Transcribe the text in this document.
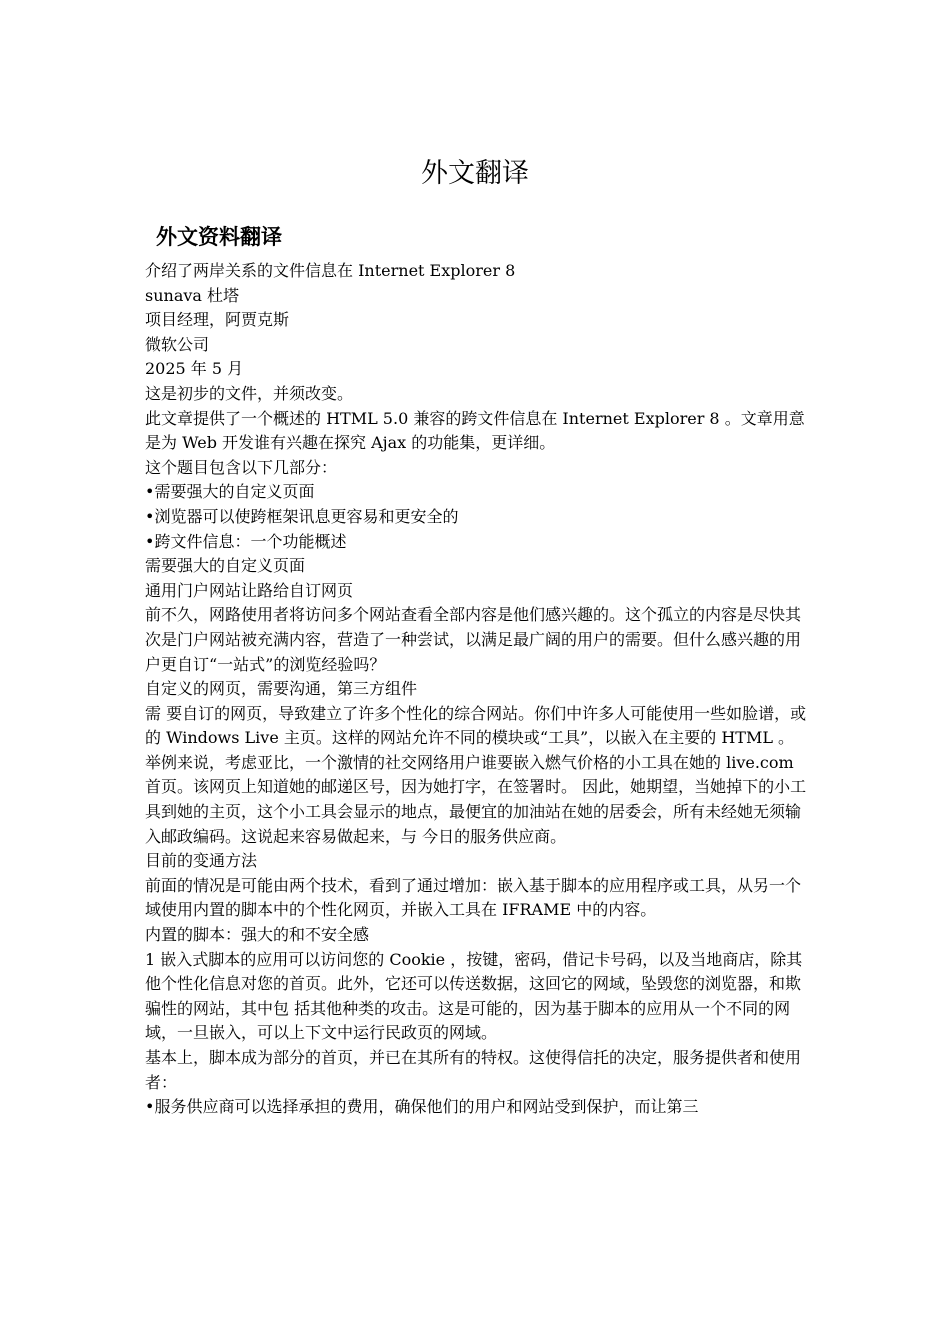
外文翻译
外文资料翻译

介绍了两岸关系的文件信息在 Internet Explorer 8

sunava 杜塔

项目经理，阿贾克斯

微软公司

2025 年 5 月

这是初步的文件，并须改变。

此文章提供了一个概述的 HTML 5.0 兼容的跨文件信息在 Internet Explorer 8 。文章用意是为 Web 开发谁有兴趣在探究 Ajax 的功能集，更详细。

这个题目包含以下几部分：

•需要强大的自定义页面

•浏览器可以使跨框架讯息更容易和更安全的

•跨文件信息：一个功能概述

需要强大的自定义页面

通用门户网站让路给自订网页

前不久，网路使用者将访问多个网站查看全部内容是他们感兴趣的。这个孤立的内容是尽快其次是门户网站被充满内容，营造了一种尝试，以满足最广阔的用户的需要。但什么感兴趣的用户更自订“一站式”的浏览经验吗？

自定义的网页，需要沟通，第三方组件

需 要自订的网页，导致建立了许多个性化的综合网站。你们中许多人可能使用一些如脸谱，或的 Windows Live 主页。这样的网站允许不同的模块或“工具”，以嵌入在主要的 HTML 。举例来说，考虑亚比，一个激情的社交网络用户谁要嵌入燃气价格的小工具在她的 live.com 首页。该网页上知道她的邮递区号，因为她打字，在签署时。 因此，她期望，当她掉下的小工具到她的主页，这个小工具会显示的地点，最便宜的加油站在她的居委会，所有未经她无须输入邮政编码。这说起来容易做起来，与 今日的服务供应商。

目前的变通方法

前面的情况是可能由两个技术，看到了通过增加：嵌入基于脚本的应用程序或工具，从另一个域使用内置的脚本中的个性化网页，并嵌入工具在 IFRAME 中的内容。

内置的脚本：强大的和不安全感

1 嵌入式脚本的应用可以访问您的 Cookie ，按键，密码，借记卡号码，以及当地商店，除其他个性化信息对您的首页。此外，它还可以传送数据，这回它的网域，坠毁您的浏览器，和欺骗性的网站，其中包 括其他种类的攻击。这是可能的，因为基于脚本的应用从一个不同的网域，一旦嵌入，可以上下文中运行民政页的网域。

基本上，脚本成为部分的首页，并已在其所有的特权。这使得信托的决定，服务提供者和使用者：

•服务供应商可以选择承担的费用，确保他们的用户和网站受到保护，而让第三
